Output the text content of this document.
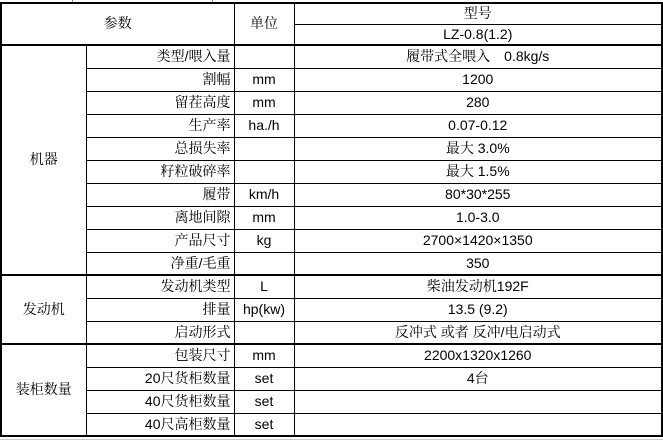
参数		单位	型号
			LZ-0.8(1.2)
机器	类型/喂入量		履带式全喂入　0.8kg/s
	割幅	mm	1200
	留茬高度	mm	280
	生产率	ha./h	0.07-0.12
	总损失率		最大 3.0%
	籽粒破碎率		最大 1.5%
	履带	km/h	80*30*255
	离地间隙	mm	1.0-3.0
	产品尺寸	kg	2700×1420×1350
	净重/毛重		350
发动机	发动机类型	L	柴油发动机192F
	排量	hp(kw)	13.5 (9.2)
	启动形式		反冲式 或者 反冲/电启动式
装柜数量	包装尺寸	mm	2200x1320x1260
	20尺货柜数量	set	4台
	40尺货柜数量	set	
	40尺高柜数量	set	
